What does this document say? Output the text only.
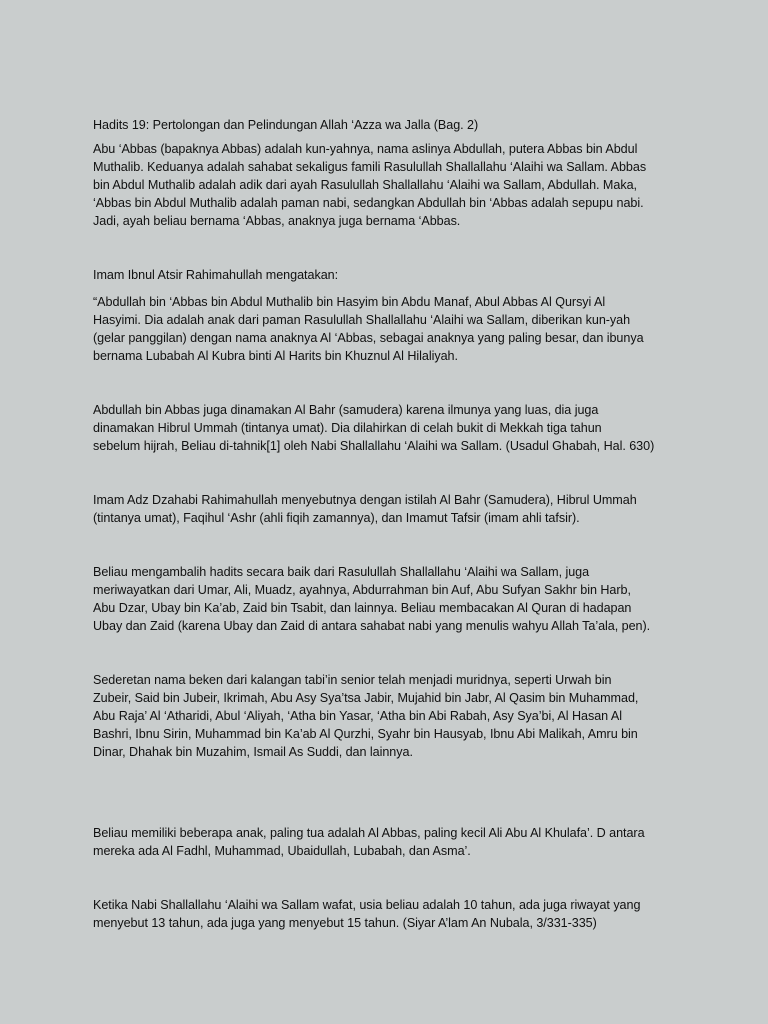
Hadits 19: Pertolongan dan Pelindungan Allah ‘Azza wa Jalla (Bag. 2)
Abu ‘Abbas (bapaknya Abbas) adalah kun-yahnya, nama aslinya Abdullah, putera Abbas bin Abdul
Muthalib. Keduanya adalah sahabat sekaligus famili Rasulullah Shallallahu ‘Alaihi wa Sallam. Abbas
bin Abdul Muthalib adalah adik dari ayah Rasulullah Shallallahu ‘Alaihi wa Sallam, Abdullah. Maka,
‘Abbas bin Abdul Muthalib adalah paman nabi, sedangkan Abdullah bin ‘Abbas adalah sepupu nabi.
Jadi, ayah beliau bernama ‘Abbas, anaknya juga bernama ‘Abbas.
Imam Ibnul Atsir Rahimahullah mengatakan:
“Abdullah bin ‘Abbas bin Abdul Muthalib bin Hasyim bin Abdu Manaf, Abul Abbas Al Qursyi Al
Hasyimi. Dia adalah anak dari paman Rasulullah Shallallahu ‘Alaihi wa Sallam, diberikan kun-yah
(gelar panggilan) dengan nama anaknya Al ‘Abbas, sebagai anaknya yang paling besar, dan ibunya
bernama Lubabah Al Kubra binti Al Harits bin Khuznul Al Hilaliyah.
Abdullah bin Abbas juga dinamakan Al Bahr (samudera) karena ilmunya yang luas, dia juga
dinamakan Hibrul Ummah (tintanya umat). Dia dilahirkan di celah bukit di Mekkah tiga tahun
sebelum hijrah, Beliau di-tahnik[1] oleh Nabi Shallallahu ‘Alaihi wa Sallam. (Usadul Ghabah, Hal. 630)
Imam Adz Dzahabi Rahimahullah menyebutnya dengan istilah Al Bahr (Samudera), Hibrul Ummah
(tintanya umat), Faqihul ‘Ashr (ahli fiqih zamannya), dan Imamut Tafsir (imam ahli tafsir).
Beliau mengambalih hadits secara baik dari Rasulullah Shallallahu ‘Alaihi wa Sallam, juga
meriwayatkan dari Umar, Ali, Muadz, ayahnya, Abdurrahman bin Auf, Abu Sufyan Sakhr bin Harb,
Abu Dzar, Ubay bin Ka’ab, Zaid bin Tsabit, dan lainnya. Beliau membacakan Al Quran di hadapan
Ubay dan Zaid (karena Ubay dan Zaid di antara sahabat nabi yang menulis wahyu Allah Ta’ala, pen).
Sederetan nama beken dari kalangan tabi’in senior telah menjadi muridnya, seperti Urwah bin
Zubeir, Said bin Jubeir, Ikrimah, Abu Asy Sya’tsa Jabir, Mujahid bin Jabr, Al Qasim bin Muhammad,
Abu Raja’ Al ‘Atharidi, Abul ‘Aliyah, ‘Atha bin Yasar, ‘Atha bin Abi Rabah, Asy Sya’bi, Al Hasan Al
Bashri, Ibnu Sirin, Muhammad bin Ka’ab Al Qurzhi, Syahr bin Hausyab, Ibnu Abi Malikah, Amru bin
Dinar, Dhahak bin Muzahim, Ismail As Suddi, dan lainnya.
Beliau memiliki beberapa anak, paling tua adalah Al Abbas, paling kecil Ali Abu Al Khulafa’. D antara
mereka ada Al Fadhl, Muhammad, Ubaidullah, Lubabah, dan Asma’.
Ketika Nabi Shallallahu ‘Alaihi wa Sallam wafat, usia beliau adalah 10 tahun, ada juga riwayat yang
menyebut 13 tahun, ada juga yang menyebut 15 tahun. (Siyar A’lam An Nubala, 3/331-335)
